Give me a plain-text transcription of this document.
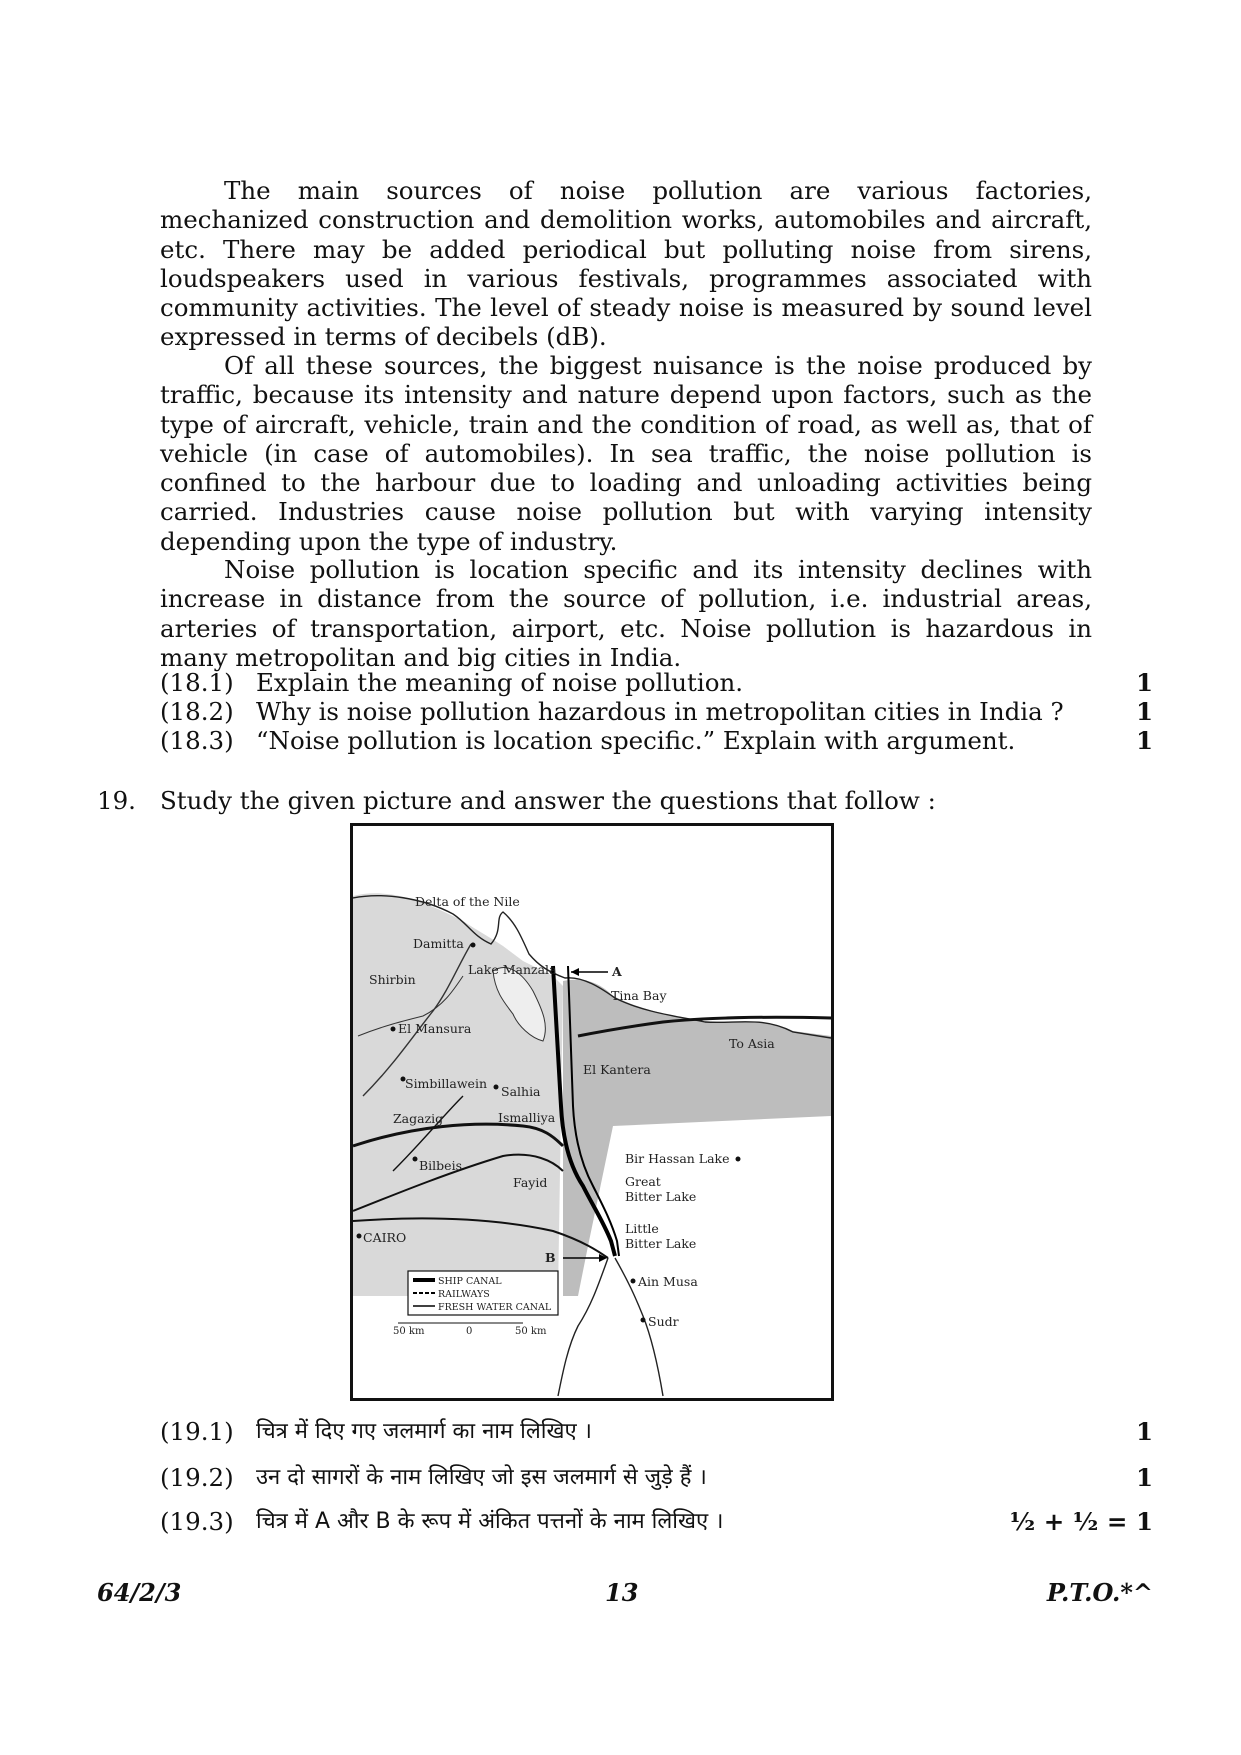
The main sources of noise pollution are various factories, mechanized construction and demolition works, automobiles and aircraft, etc. There may be added periodical but polluting noise from sirens, loudspeakers used in various festivals, programmes associated with community activities. The level of steady noise is measured by sound level expressed in terms of decibels (dB).

Of all these sources, the biggest nuisance is the noise produced by traffic, because its intensity and nature depend upon factors, such as the type of aircraft, vehicle, train and the condition of road, as well as, that of vehicle (in case of automobiles). In sea traffic, the noise pollution is confined to the harbour due to loading and unloading activities being carried. Industries cause noise pollution but with varying intensity depending upon the type of industry.

Noise pollution is location specific and its intensity declines with increase in distance from the source of pollution, i.e. industrial areas, arteries of transportation, airport, etc. Noise pollution is hazardous in many metropolitan and big cities in India.

(18.1) Explain the meaning of noise pollution.	1
(18.2) Why is noise pollution hazardous in metropolitan cities in India ?	1
(18.3) “Noise pollution is location specific.” Explain with argument.	1
19. Study the given picture and answer the questions that follow :
Delta of the Nile
Damitta
Lake Manzala
Shirbin
A
Tina Bay
El Mansura
To Asia
El Kantera
Simbillawein
Salhia
Zagazig	Ismalliya
Bir Hassan Lake
Bilbeis
Fayid	Great
Bitter Lake
Little
Bitter Lake
CAIRO
B
Ain Musa
Sudr
SHIP CANAL
RAILWAYS
FRESH WATER CANAL
50 km	0	50 km
(19.1) चित्र में दिए गए जलमार्ग का नाम लिखिए ।	1
(19.2) उन दो सागरों के नाम लिखिए जो इस जलमार्ग से जुड़े हैं ।	1
(19.3) चित्र में A और B के रूप में अंकित पत्तनों के नाम लिखिए ।	½ + ½ = 1
64/2/3	13	P.T.O.*^
